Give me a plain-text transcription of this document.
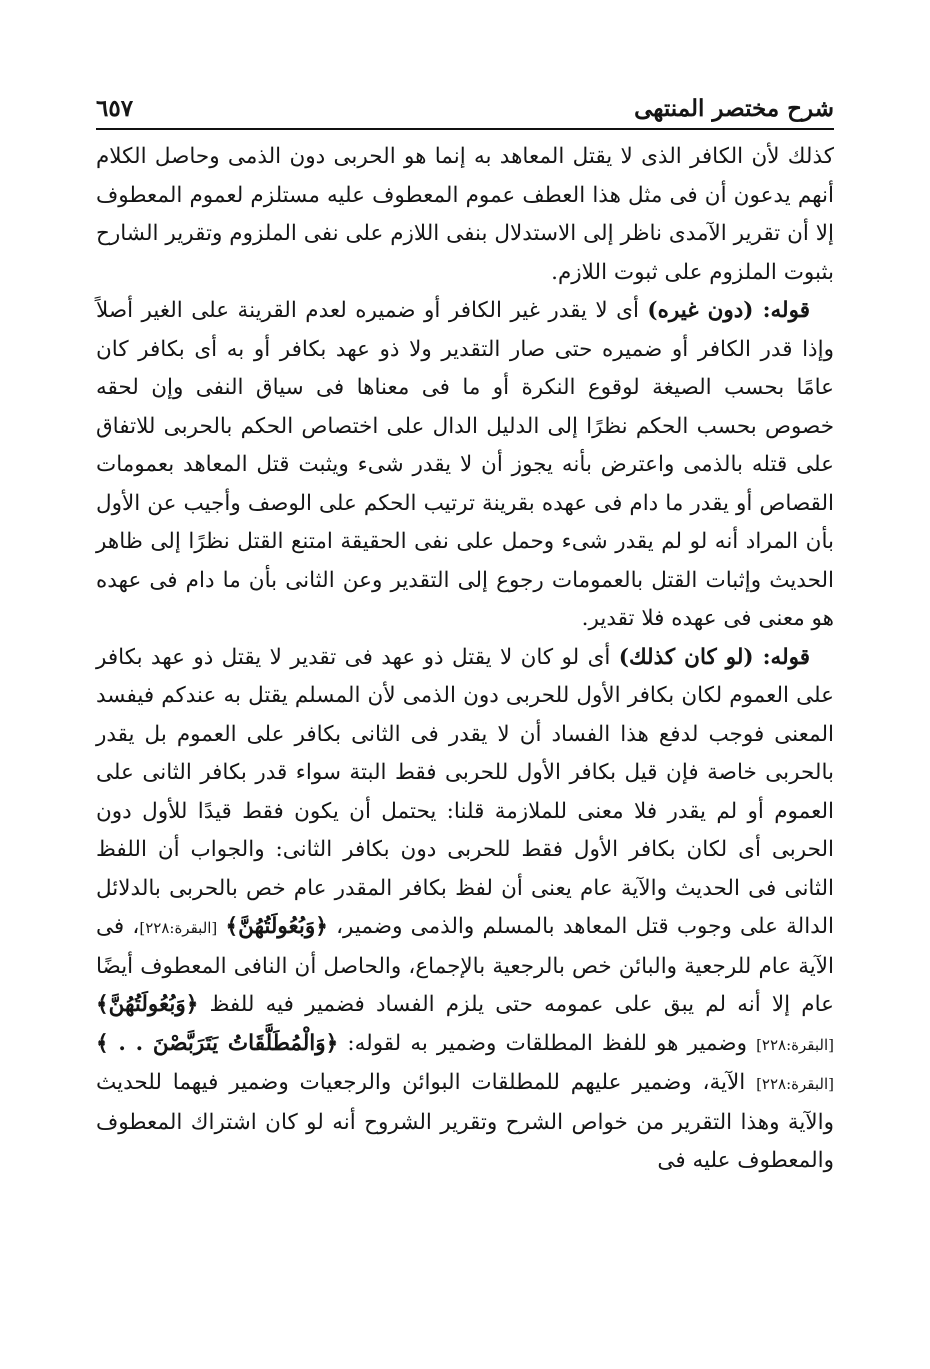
٦٥٧	شرح مختصر المنتهى

كذلك لأن الكافر الذى لا يقتل المعاهد به إنما هو الحربى دون الذمى وحاصل الكلام أنهم يدعون أن فى مثل هذا العطف عموم المعطوف عليه مستلزم لعموم المعطوف إلا أن تقرير الآمدى ناظر إلى الاستدلال بنفى اللازم على نفى الملزوم وتقرير الشارح بثبوت الملزوم على ثبوت اللازم.

قوله: (دون غيره) أى لا يقدر غير الكافر أو ضميره لعدم القرينة على الغير أصلاً وإذا قدر الكافر أو ضميره حتى صار التقدير ولا ذو عهد بكافر أو به أى بكافر كان عامًا بحسب الصيغة لوقوع النكرة أو ما فى معناها فى سياق النفى وإن لحقه خصوص بحسب الحكم نظرًا إلى الدليل الدال على اختصاص الحكم بالحربى للاتفاق على قتله بالذمى واعترض بأنه يجوز أن لا يقدر شىء ويثبت قتل المعاهد بعمومات القصاص أو يقدر ما دام فى عهده بقرينة ترتيب الحكم على الوصف وأجيب عن الأول بأن المراد أنه لو لم يقدر شىء وحمل على نفى الحقيقة امتنع القتل نظرًا إلى ظاهر الحديث وإثبات القتل بالعمومات رجوع إلى التقدير وعن الثانى بأن ما دام فى عهده هو معنى فى عهده فلا تقدير.

قوله: (لو كان كذلك) أى لو كان لا يقتل ذو عهد فى تقدير لا يقتل ذو عهد بكافر على العموم لكان بكافر الأول للحربى دون الذمى لأن المسلم يقتل به عندكم فيفسد المعنى فوجب لدفع هذا الفساد أن لا يقدر فى الثانى بكافر على العموم بل يقدر بالحربى خاصة فإن قيل بكافر الأول للحربى فقط البتة سواء قدر بكافر الثانى على العموم أو لم يقدر فلا معنى للملازمة قلنا: يحتمل أن يكون فقط قيدًا للأول دون الحربى أى لكان بكافر الأول فقط للحربى دون بكافر الثانى: والجواب أن اللفظ الثانى فى الحديث والآية عام يعنى أن لفظ بكافر المقدر عام خص بالحربى بالدلائل الدالة على وجوب قتل المعاهد بالمسلم والذمى وضمير، ﴿وَبُعُولَتُهُنَّ﴾ [البقرة:٢٢٨]، فى الآية عام للرجعية والبائن خص بالرجعية بالإجماع، والحاصل أن النافى المعطوف أيضًا عام إلا أنه لم يبق على عمومه حتى يلزم الفساد فضمير فيه للفظ ﴿وَبُعُولَتُهُنَّ﴾ [البقرة:٢٢٨] وضمير هو للفظ المطلقات وضمير به لقوله: ﴿وَالْمُطَلَّقَاتُ يَتَرَبَّصْنَ . . ﴾ [البقرة:٢٢٨] الآية، وضمير عليهم للمطلقات البوائن والرجعيات وضمير فيهما للحديث والآية وهذا التقرير من خواص الشرح وتقرير الشروح أنه لو كان اشتراك المعطوف والمعطوف عليه فى
